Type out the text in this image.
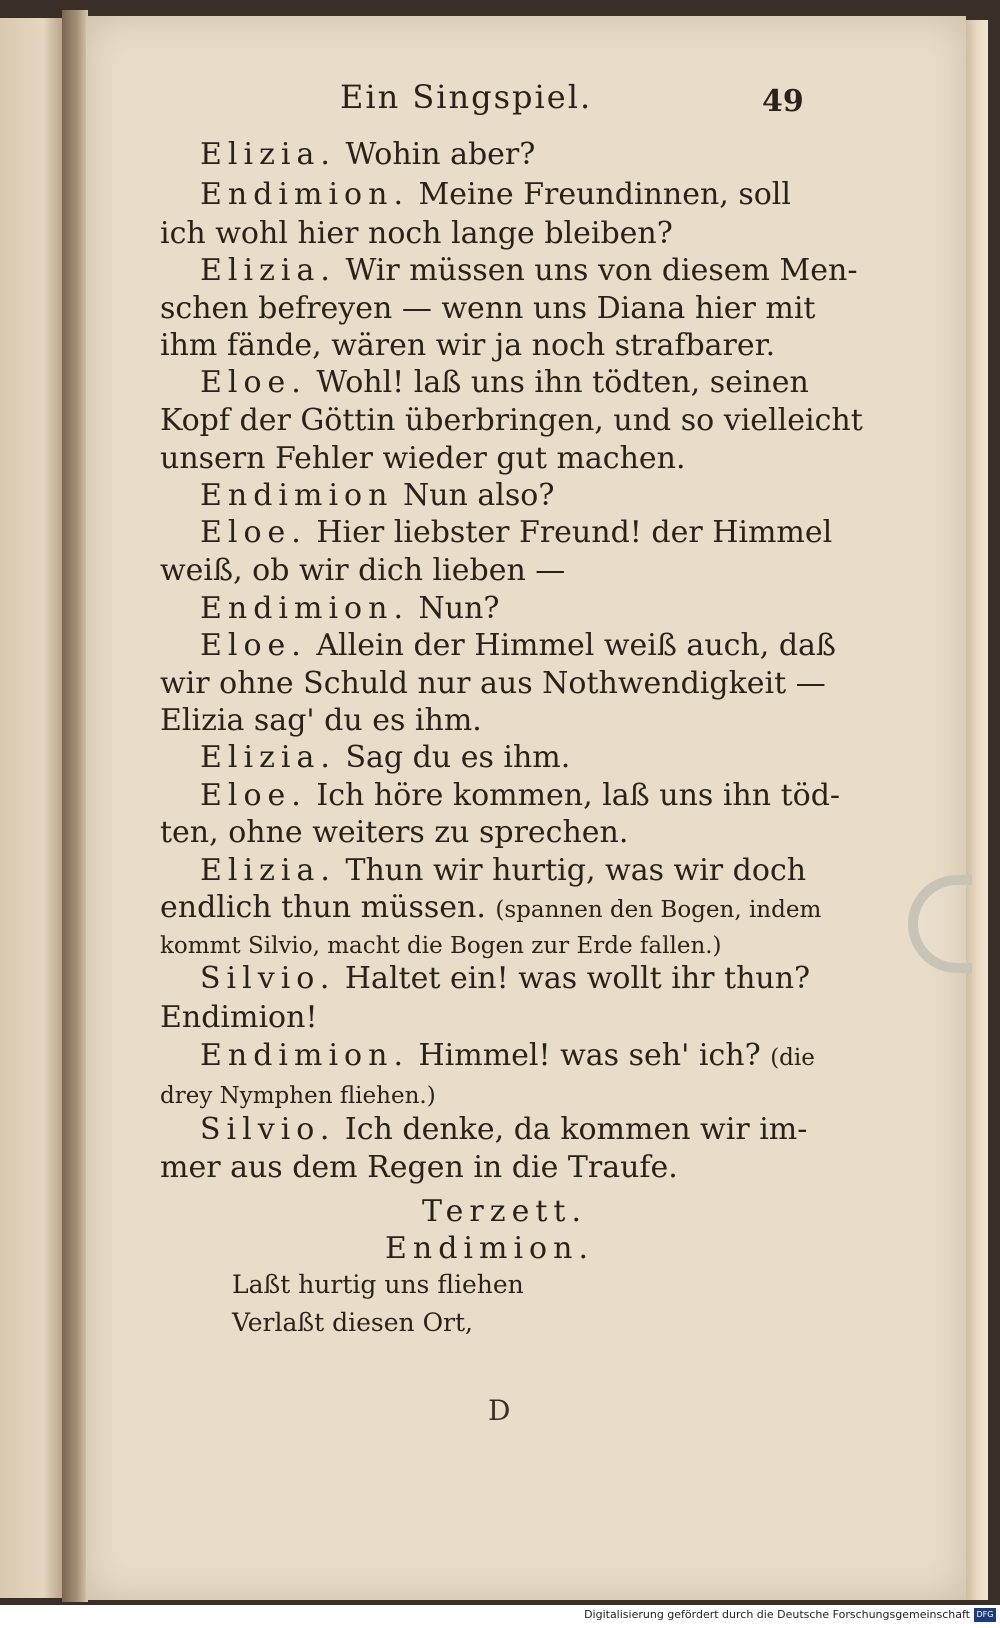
Ein Singspiel.	49
Terzett.
Endimion.
Laßt hurtig uns fliehen
Verlaßt diesen Ort,
D
Elizia. Wohin aber?
Endimion. Meine Freundinnen, soll
ich wohl hier noch lange bleiben?
Elizia. Wir müssen uns von diesem Men-
schen befreyen — wenn uns Diana hier mit
ihm fände, wären wir ja noch strafbarer.
Eloe. Wohl! laß uns ihn tödten, seinen
Kopf der Göttin überbringen, und so vielleicht
unsern Fehler wieder gut machen.
Endimion Nun also?
Eloe. Hier liebster Freund! der Himmel
weiß, ob wir dich lieben —
Endimion. Nun?
Eloe. Allein der Himmel weiß auch, daß
wir ohne Schuld nur aus Nothwendigkeit —
Elizia sag' du es ihm.
Elizia. Sag du es ihm.
Eloe. Ich höre kommen, laß uns ihn töd-
ten, ohne weiters zu sprechen.
Elizia. Thun wir hurtig, was wir doch
endlich thun müssen. (spannen den Bogen, indem
kommt Silvio, macht die Bogen zur Erde fallen.)
Silvio. Haltet ein! was wollt ihr thun?
Endimion!
Endimion. Himmel! was seh' ich? (die
drey Nymphen fliehen.)
Silvio. Ich denke, da kommen wir im-
mer aus dem Regen in die Traufe.
Digitalisierung gefördert durch die Deutsche Forschungsgemeinschaft DFG
